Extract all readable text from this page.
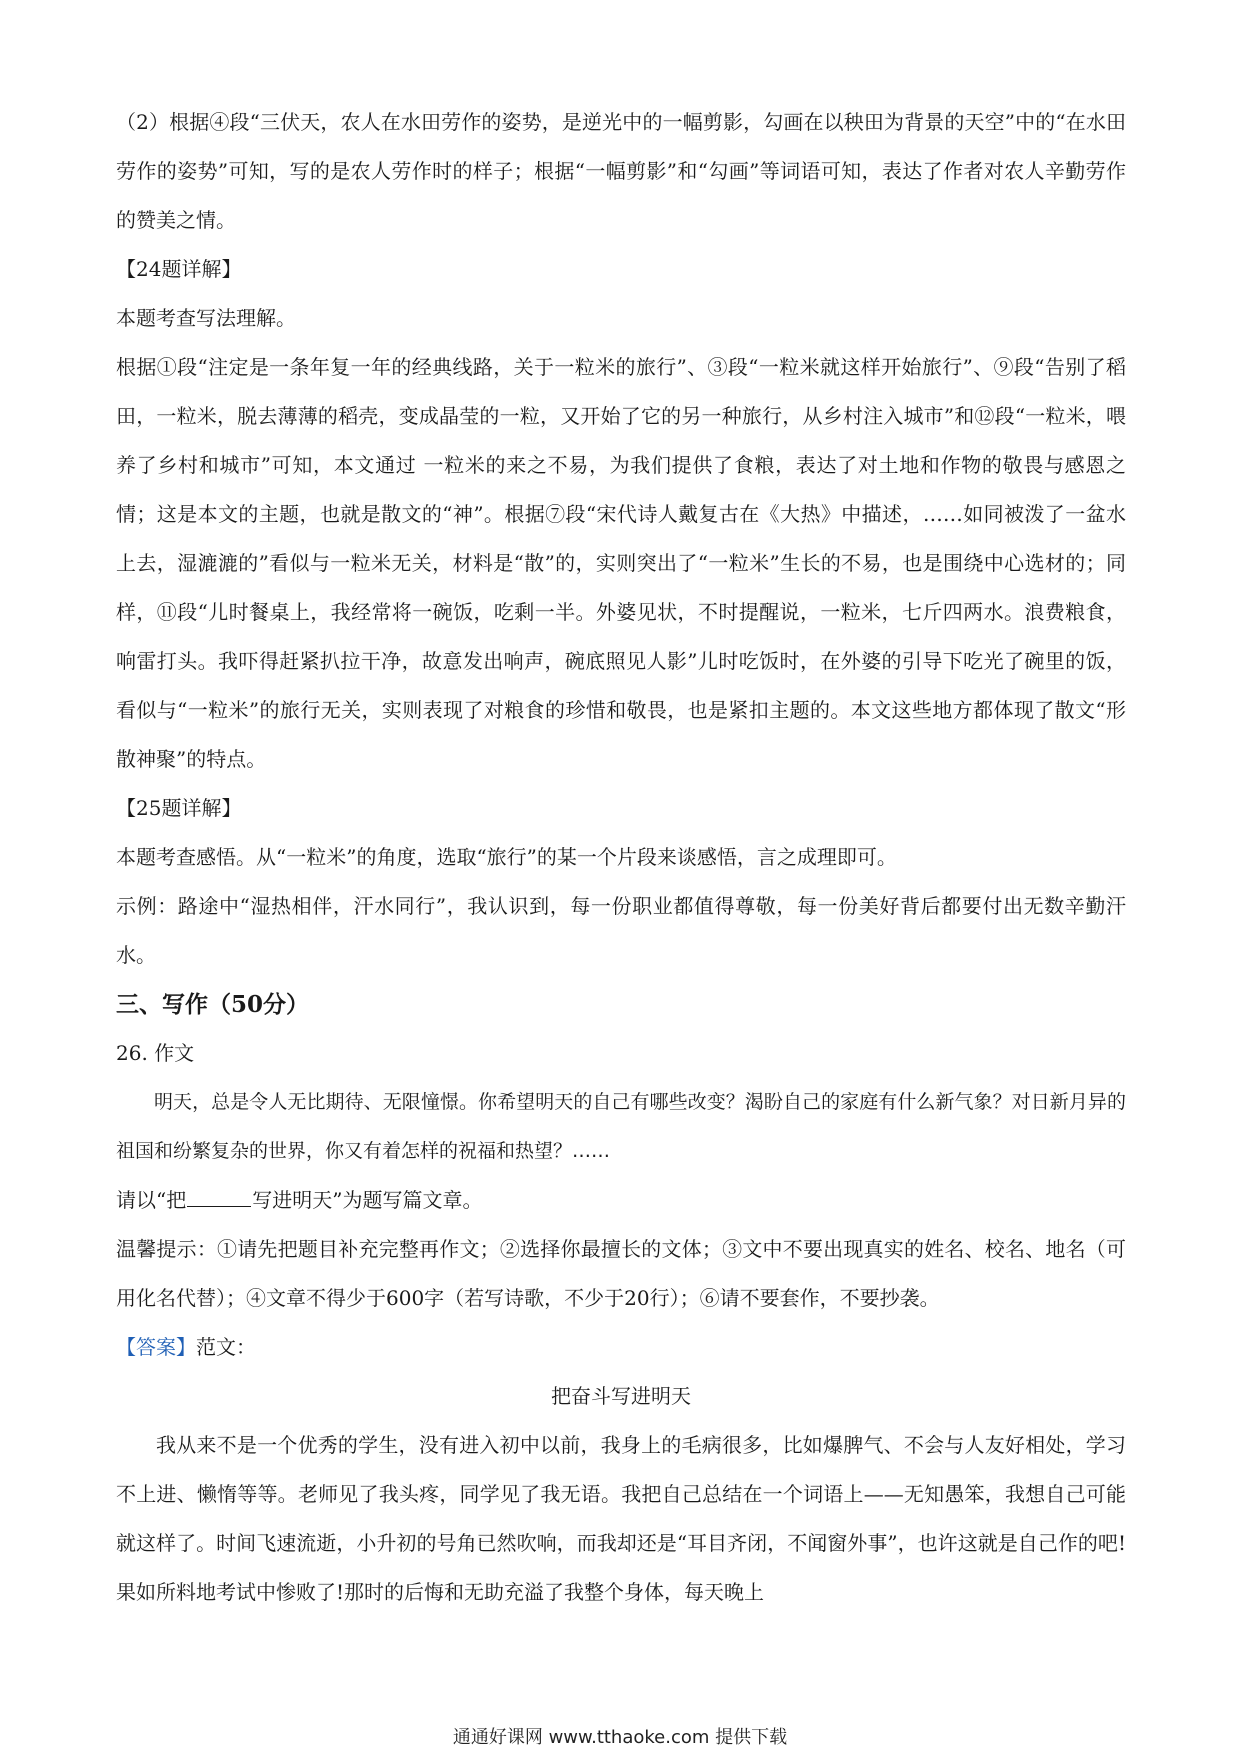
（2）根据④段“三伏天，农人在水田劳作的姿势，是逆光中的一幅剪影，勾画在以秧田为背景的天空”中的“在水田劳作的姿势”可知，写的是农人劳作时的样子；根据“一幅剪影”和“勾画”等词语可知，表达了作者对农人辛勤劳作的赞美之情。

【24题详解】

本题考查写法理解。

根据①段“注定是一条年复一年的经典线路，关于一粒米的旅行”、③段“一粒米就这样开始旅行”、⑨段“告别了稻田，一粒米，脱去薄薄的稻壳，变成晶莹的一粒，又开始了它的另一种旅行，从乡村注入城市”和⑫段“一粒米，喂养了乡村和城市”可知，本文通过 一粒米的来之不易，为我们提供了食粮，表达了对土地和作物的敬畏与感恩之情；这是本文的主题，也就是散文的“神”。根据⑦段“宋代诗人戴复古在《大热》中描述，……如同被泼了一盆水上去，湿漉漉的”看似与一粒米无关，材料是“散”的，实则突出了“一粒米”生长的不易，也是围绕中心选材的；同样，⑪段“儿时餐桌上，我经常将一碗饭，吃剩一半。外婆见状，不时提醒说，一粒米，七斤四两水。浪费粮食，响雷打头。我吓得赶紧扒拉干净，故意发出响声，碗底照见人影”儿时吃饭时，在外婆的引导下吃光了碗里的饭，看似与“一粒米”的旅行无关，实则表现了对粮食的珍惜和敬畏，也是紧扣主题的。本文这些地方都体现了散文“形散神聚”的特点。

【25题详解】

本题考查感悟。从“一粒米”的角度，选取“旅行”的某一个片段来谈感悟，言之成理即可。

示例：路途中“湿热相伴，汗水同行”，我认识到，每一份职业都值得尊敬，每一份美好背后都要付出无数辛勤汗水。

三、写作（50分）

26. 作文

明天，总是令人无比期待、无限憧憬。你希望明天的自己有哪些改变？渴盼自己的家庭有什么新气象？对日新月异的祖国和纷繁复杂的世界，你又有着怎样的祝福和热望？……

请以“把	写进明天”为题写篇文章。

温馨提示：①请先把题目补充完整再作文；②选择你最擅长的文体；③文中不要出现真实的姓名、校名、地名（可用化名代替）；④文章不得少于600字（若写诗歌，不少于20行）；⑥请不要套作，不要抄袭。

【答案】范文：

把奋斗写进明天

我从来不是一个优秀的学生，没有进入初中以前，我身上的毛病很多，比如爆脾气、不会与人友好相处，学习不上进、懒惰等等。老师见了我头疼，同学见了我无语。我把自己总结在一个词语上——无知愚笨，我想自己可能就这样了。时间飞速流逝，小升初的号角已然吹响，而我却还是“耳目齐闭，不闻窗外事”，也许这就是自己作的吧!果如所料地考试中惨败了!那时的后悔和无助充溢了我整个身体，每天晚上

通通好课网 www.tthaoke.com 提供下载
